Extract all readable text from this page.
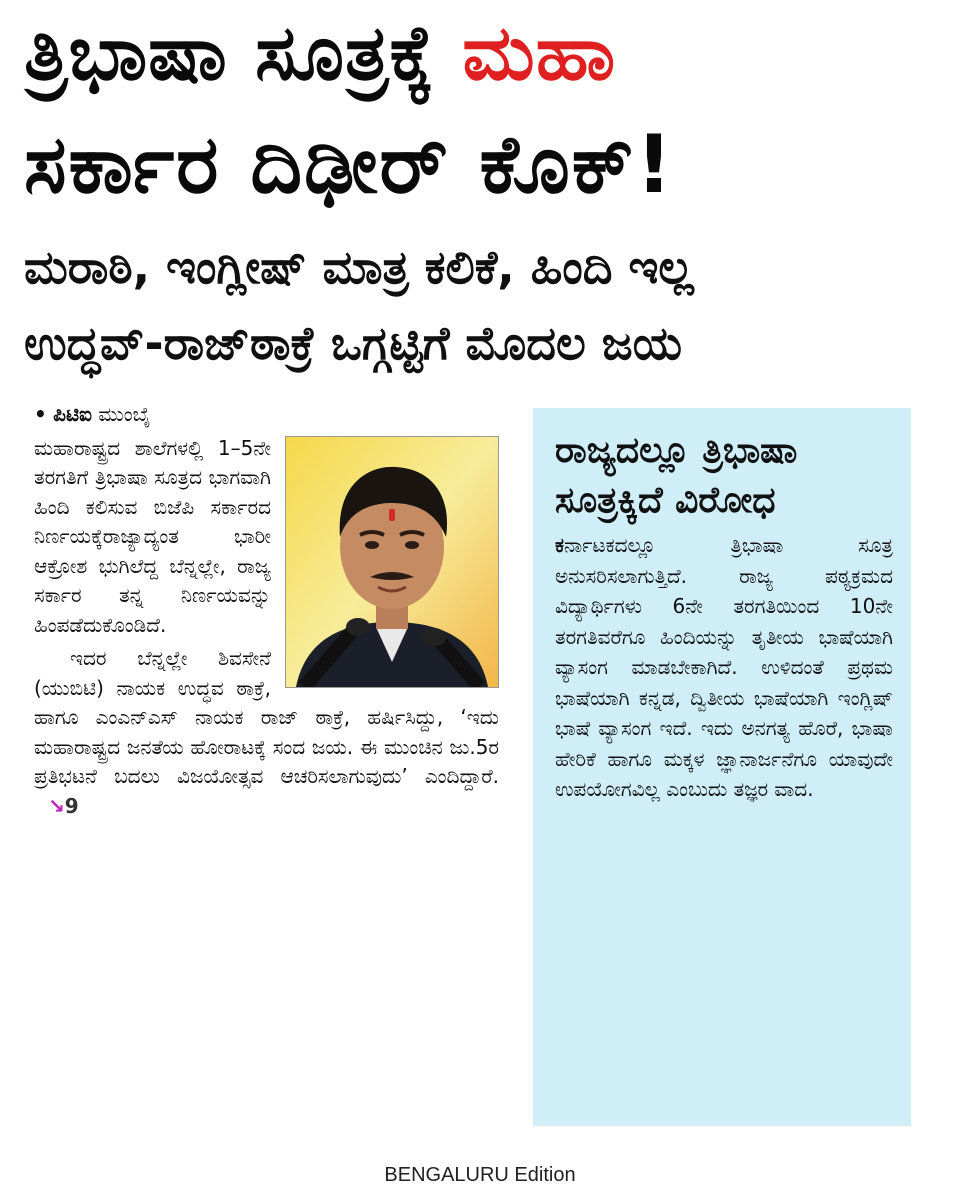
ತ್ರಿಭಾಷಾ ಸೂತ್ರಕ್ಕೆ ಮಹಾ
ಸರ್ಕಾರ ದಿಢೀರ್ ಕೊಕ್!
ಮರಾಠಿ, ಇಂಗ್ಲೀಷ್ ಮಾತ್ರ ಕಲಿಕೆ, ಹಿಂದಿ ಇಲ್ಲ
ಉದ್ಧವ್-ರಾಜ್‌ಠಾಕ್ರೆ ಒಗ್ಗಟ್ಟಿಗೆ ಮೊದಲ ಜಯ
• ಪಿಟಿಐ ಮುಂಬೈ

ಮಹಾರಾಷ್ಟ್ರದ ಶಾಲೆಗಳಲ್ಲಿ 1–5ನೇ ತರಗತಿಗೆ ತ್ರಿಭಾಷಾ ಸೂತ್ರದ ಭಾಗವಾಗಿ ಹಿಂದಿ ಕಲಿಸುವ ಬಿಜೆಪಿ ಸರ್ಕಾರದ ನಿರ್ಣಯಕ್ಕೆರಾಜ್ಯಾದ್ಯಂತ ಭಾರೀ ಆಕ್ರೋಶ ಭುಗಿಲೆದ್ದ ಬೆನ್ನಲ್ಲೇ, ರಾಜ್ಯ ಸರ್ಕಾರ ತನ್ನ ನಿರ್ಣಯವನ್ನು ಹಿಂಪಡೆದುಕೊಂಡಿದೆ.

ಇದರ ಬೆನ್ನಲ್ಲೇ ಶಿವಸೇನೆ (ಯುಬಿಟಿ) ನಾಯಕ ಉದ್ಧವ ಠಾಕ್ರೆ, ಹಾಗೂ ಎಂಎನ್‌ಎಸ್ ನಾಯಕ ರಾಜ್ ಠಾಕ್ರೆ, ಹರ್ಷಿಸಿದ್ದು, ‘ಇದು ಮಹಾರಾಷ್ಟ್ರದ ಜನತೆಯ ಹೋರಾಟಕ್ಕೆ ಸಂದ ಜಯ. ಈ ಮುಂಚಿನ ಜು.5ರ ಪ್ರತಿಭಟನೆ ಬದಲು ವಿಜಯೋತ್ಸವ ಆಚರಿಸಲಾಗುವುದು’ ಎಂದಿದ್ದಾರೆ.   ↘9

ರಾಜ್ಯದಲ್ಲೂ ತ್ರಿಭಾಷಾ ಸೂತ್ರಕ್ಕಿದೆ ವಿರೋಧ
ಕರ್ನಾಟಕದಲ್ಲೂ ತ್ರಿಭಾಷಾ ಸೂತ್ರ ಅನುಸರಿಸಲಾಗುತ್ತಿದೆ. ರಾಜ್ಯ ಪಠ್ಯಕ್ರಮದ ವಿದ್ಯಾರ್ಥಿಗಳು 6ನೇ ತರಗತಿಯಿಂದ 10ನೇ ತರಗತಿವರೆಗೂ ಹಿಂದಿಯನ್ನು ತೃತೀಯ ಭಾಷೆಯಾಗಿ ವ್ಯಾಸಂಗ ಮಾಡಬೇಕಾಗಿದೆ. ಉಳಿದಂತೆ ಪ್ರಥಮ ಭಾಷೆಯಾಗಿ ಕನ್ನಡ, ದ್ವಿತೀಯ ಭಾಷೆಯಾಗಿ ಇಂಗ್ಲಿಷ್ ಭಾಷೆ ವ್ಯಾಸಂಗ ಇದೆ. ಇದು ಅನಗತ್ಯ ಹೊರೆ, ಭಾಷಾ ಹೇರಿಕೆ ಹಾಗೂ ಮಕ್ಕಳ ಜ್ಞಾನಾರ್ಜನೆಗೂ ಯಾವುದೇ ಉಪಯೋಗವಿಲ್ಲ ಎಂಬುದು ತಜ್ಞರ ವಾದ.
BENGALURU Edition
